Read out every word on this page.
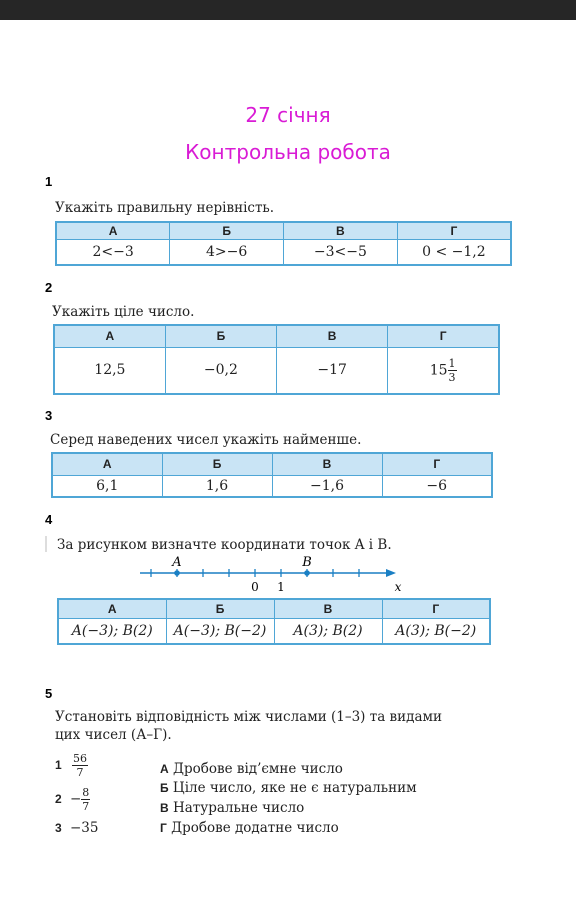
27 січня
Контрольна робота
1
Укажіть правильну нерівність.
А	Б	В	Г
2<−3	4>−6	−3<−5	0 < −1,2
2
Укажіть ціле число.
А	Б	В	Г
12,5	−0,2	−17	$15 \frac{1}{3}$
3
Серед наведених чисел укажіть найменше.
А	Б	В	Г
6,1	1,6	−1,6	−6
4
За рисунком визначте координати точок A і B.
A	B
0 1	x
А	Б	В	Г
A(−3); B(2)	A(−3); B(−2)	A(3); B(2)	A(3); B(−2)
5
Установіть відповідність між числами (1–3) та видами
цих чисел (А–Г).
$1 \frac{56}{7}$
$2 - \frac{8}{7}$
3 −35
А Дробове від’ємне число
Б Ціле число, яке не є натуральним
В Натуральне число
Г Дробове додатне число
